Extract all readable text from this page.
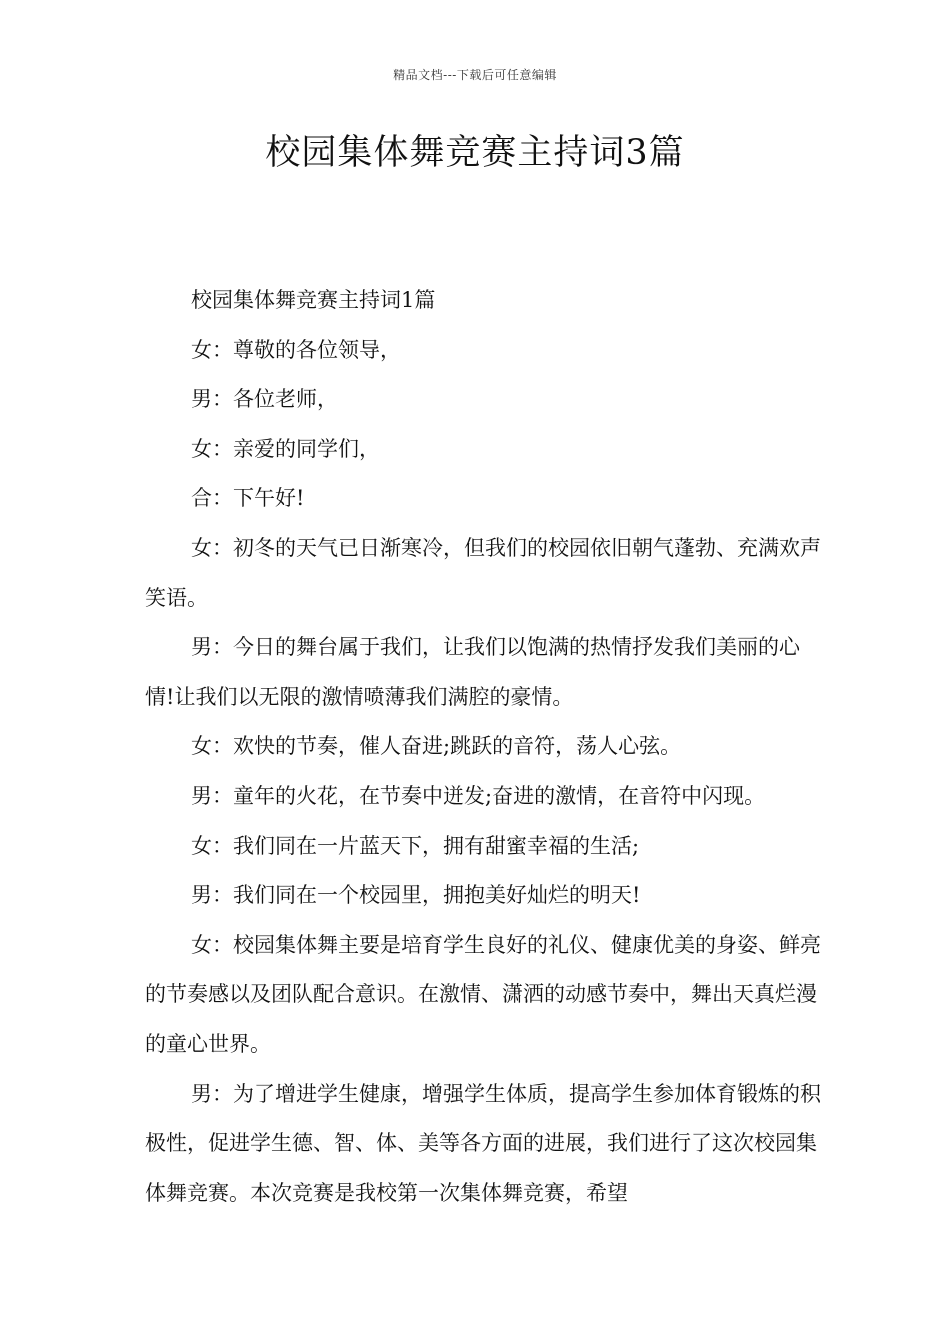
精品文档---下载后可任意编辑
校园集体舞竞赛主持词3篇

校园集体舞竞赛主持词1篇

女：尊敬的各位领导，

男：各位老师，

女：亲爱的同学们，

合：下午好!

女：初冬的天气已日渐寒冷，但我们的校园依旧朝气蓬勃、充满欢声笑语。

男：今日的舞台属于我们，让我们以饱满的热情抒发我们美丽的心情!让我们以无限的激情喷薄我们满腔的豪情。

女：欢快的节奏，催人奋进;跳跃的音符，荡人心弦。

男：童年的火花，在节奏中迸发;奋进的激情，在音符中闪现。

女：我们同在一片蓝天下，拥有甜蜜幸福的生活;

男：我们同在一个校园里，拥抱美好灿烂的明天!

女：校园集体舞主要是培育学生良好的礼仪、健康优美的身姿、鲜亮的节奏感以及团队配合意识。在激情、潇洒的动感节奏中，舞出天真烂漫的童心世界。

男：为了增进学生健康，增强学生体质，提高学生参加体育锻炼的积极性，促进学生德、智、体、美等各方面的进展，我们进行了这次校园集体舞竞赛。本次竞赛是我校第一次集体舞竞赛，希望
